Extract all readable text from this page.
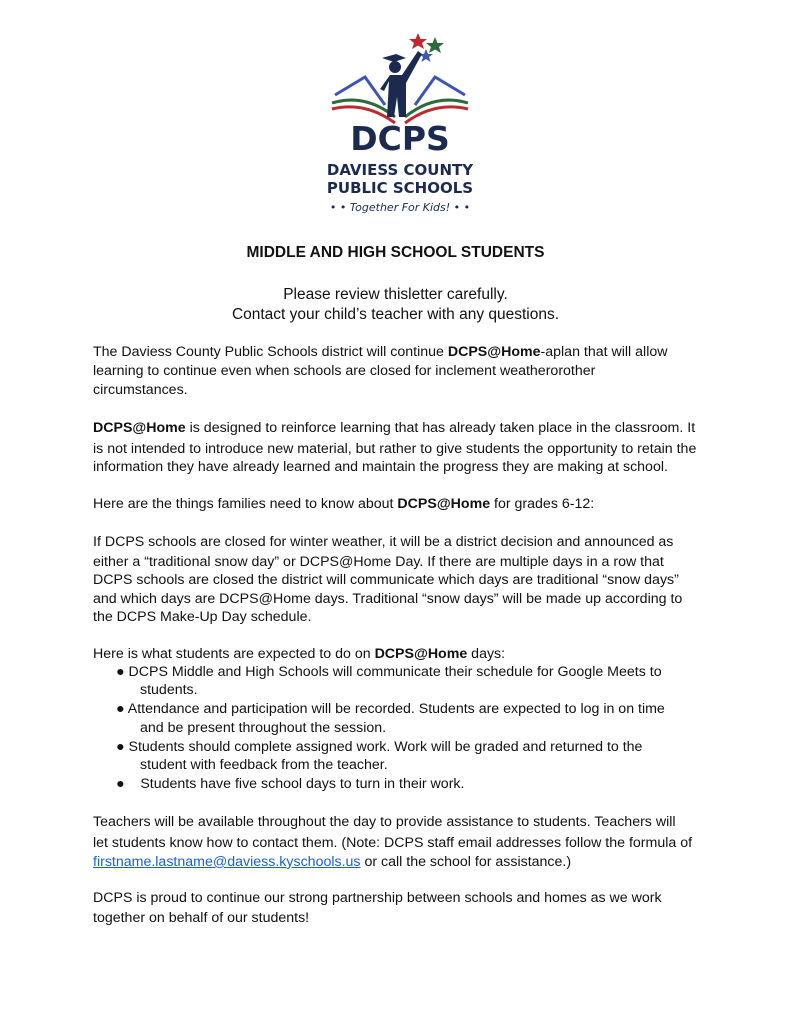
DCPS
DAVIESS COUNTY
PUBLIC SCHOOLS
• • Together For Kids! • •
MIDDLE AND HIGH SCHOOL STUDENTS
Please review thisletter carefully.
Contact your child’s teacher with any questions.
The Daviess County Public Schools district will continue DCPS@Home-aplan that will allow
learning to continue even when schools are closed for inclement weatherorother
circumstances.
DCPS@Home is designed to reinforce learning that has already taken place in the classroom. It
is not intended to introduce new material, but rather to give students the opportunity to retain the
information they have already learned and maintain the progress they are making at school.
Here are the things families need to know about DCPS@Home for grades 6-12:
If DCPS schools are closed for winter weather, it will be a district decision and announced as
either a “traditional snow day” or DCPS@Home Day. If there are multiple days in a row that
DCPS schools are closed the district will communicate which days are traditional “snow days”
and which days are DCPS@Home days. Traditional “snow days” will be made up according to
the DCPS Make-Up Day schedule.
Here is what students are expected to do on DCPS@Home days:
● DCPS Middle and High Schools will communicate their schedule for Google Meets to
students.
● Attendance and participation will be recorded. Students are expected to log in on time
and be present throughout the session.
● Students should complete assigned work. Work will be graded and returned to the
student with feedback from the teacher.
●    Students have five school days to turn in their work.
Teachers will be available throughout the day to provide assistance to students. Teachers will
let students know how to contact them. (Note: DCPS staff email addresses follow the formula of
firstname.lastname@daviess.kyschools.us or call the school for assistance.)
DCPS is proud to continue our strong partnership between schools and homes as we work
together on behalf of our students!
